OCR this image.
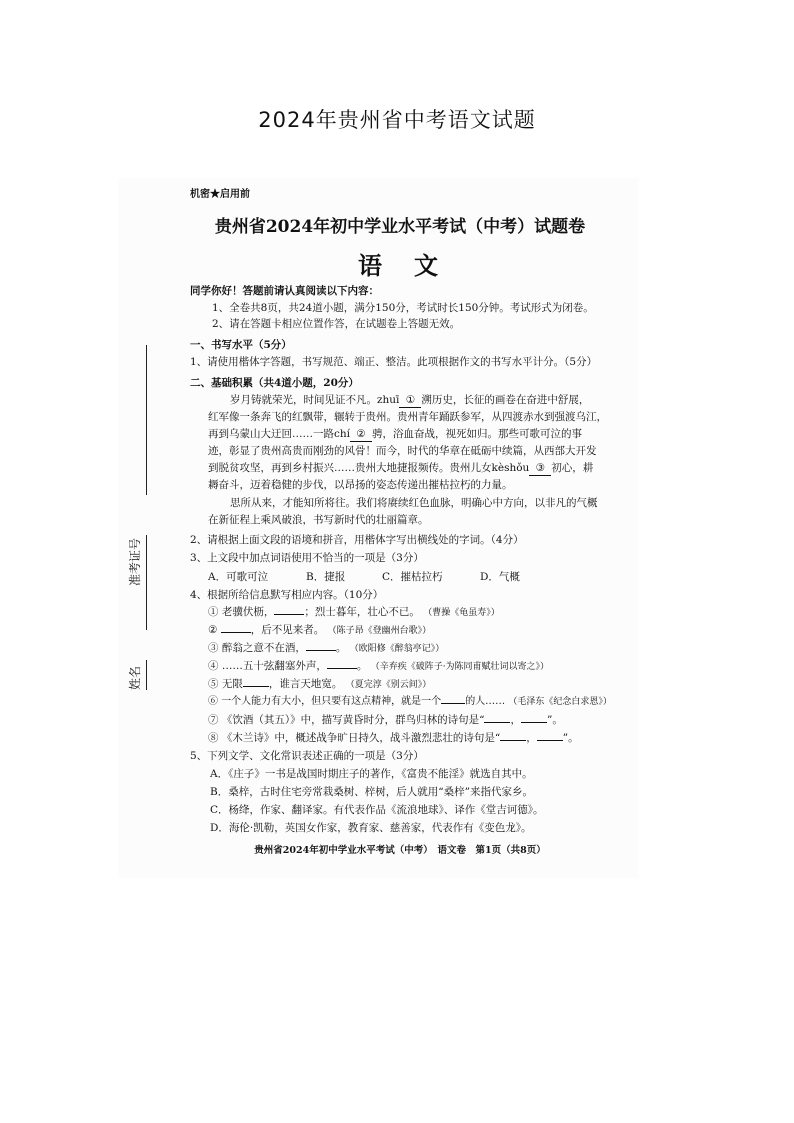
2024年贵州省中考语文试题
准考证号
姓名
机密★启用前
贵州省2024年初中学业水平考试（中考）试题卷
语　文
同学你好！答题前请认真阅读以下内容：
1、全卷共8页，共24道小题，满分150分，考试时长150分钟。考试形式为闭卷。
2、请在答题卡相应位置作答，在试题卷上答题无效。
一、书写水平（5分）
1、请使用楷体字答题，书写规范、端正、整洁。此项根据作文的书写水平计分。（5分）
二、基础积累（共4道小题，20分）
岁月铸就荣光，时间见证不凡。zhuī ① 溯历史，长征的画卷在奋进中舒展，
红军像一条奔飞的红飘带，辗转于贵州。贵州青年踊跃参军，从四渡赤水到强渡乌江，
再到乌蒙山大迂回……一路chí ② 骋，浴血奋战，视死如归。那些可歌可泣的事
迹，彰显了贵州高贵而刚劲的风骨！而今，时代的华章在砥砺中续篇，从西部大开发
到脱贫攻坚，再到乡村振兴……贵州大地捷报频传。贵州儿女kèshǒu ③ 初心，耕
耨奋斗，迈着稳健的步伐，以昂扬的姿态传递出摧枯拉朽的力量。
思所从来，才能知所将往。我们将赓续红色血脉，明确心中方向，以非凡的气概
在新征程上乘风破浪，书写新时代的壮丽篇章。
2、请根据上面文段的语境和拼音，用楷体字写出横线处的字词。（4分）
3、上文段中加点词语使用不恰当的一项是（3分）
A．可歌可泣	B．捷报	C．摧枯拉朽	D．气概
4、根据所给信息默写相应内容。（10分）
① 老骥伏枥，	；烈士暮年，壮心不已。 （曹操《龟虽寿》）
②	，后不见来者。 （陈子昂《登幽州台歌》）
③ 醉翁之意不在酒，	。 （欧阳修《醉翁亭记》）
④ ……五十弦翻塞外声，	。 （辛弃疾《破阵子·为陈同甫赋壮词以寄之》）
⑤ 无限 ，谁言天地宽。 （夏完淳《别云间》）
⑥ 一个人能力有大小，但只要有这点精神，就是一个 的人…… （毛泽东《纪念白求恩》）
⑦ 《饮酒（其五）》中，描写黄昏时分，群鸟归林的诗句是“ ， ”。
⑧ 《木兰诗》中，概述战争旷日持久，战斗激烈悲壮的诗句是“ ， ”。
5、下列文学、文化常识表述正确的一项是（3分）
A．《庄子》一书是战国时期庄子的著作，《富贵不能淫》就选自其中。
B．桑梓，古时住宅旁常栽桑树、梓树，后人就用“桑梓”来指代家乡。
C．杨绛，作家、翻译家。有代表作品《流浪地球》、译作《堂吉诃德》。
D．海伦·凯勒，英国女作家，教育家、慈善家，代表作有《变色龙》。
贵州省2024年初中学业水平考试（中考）　语文卷　第1页（共8页）
